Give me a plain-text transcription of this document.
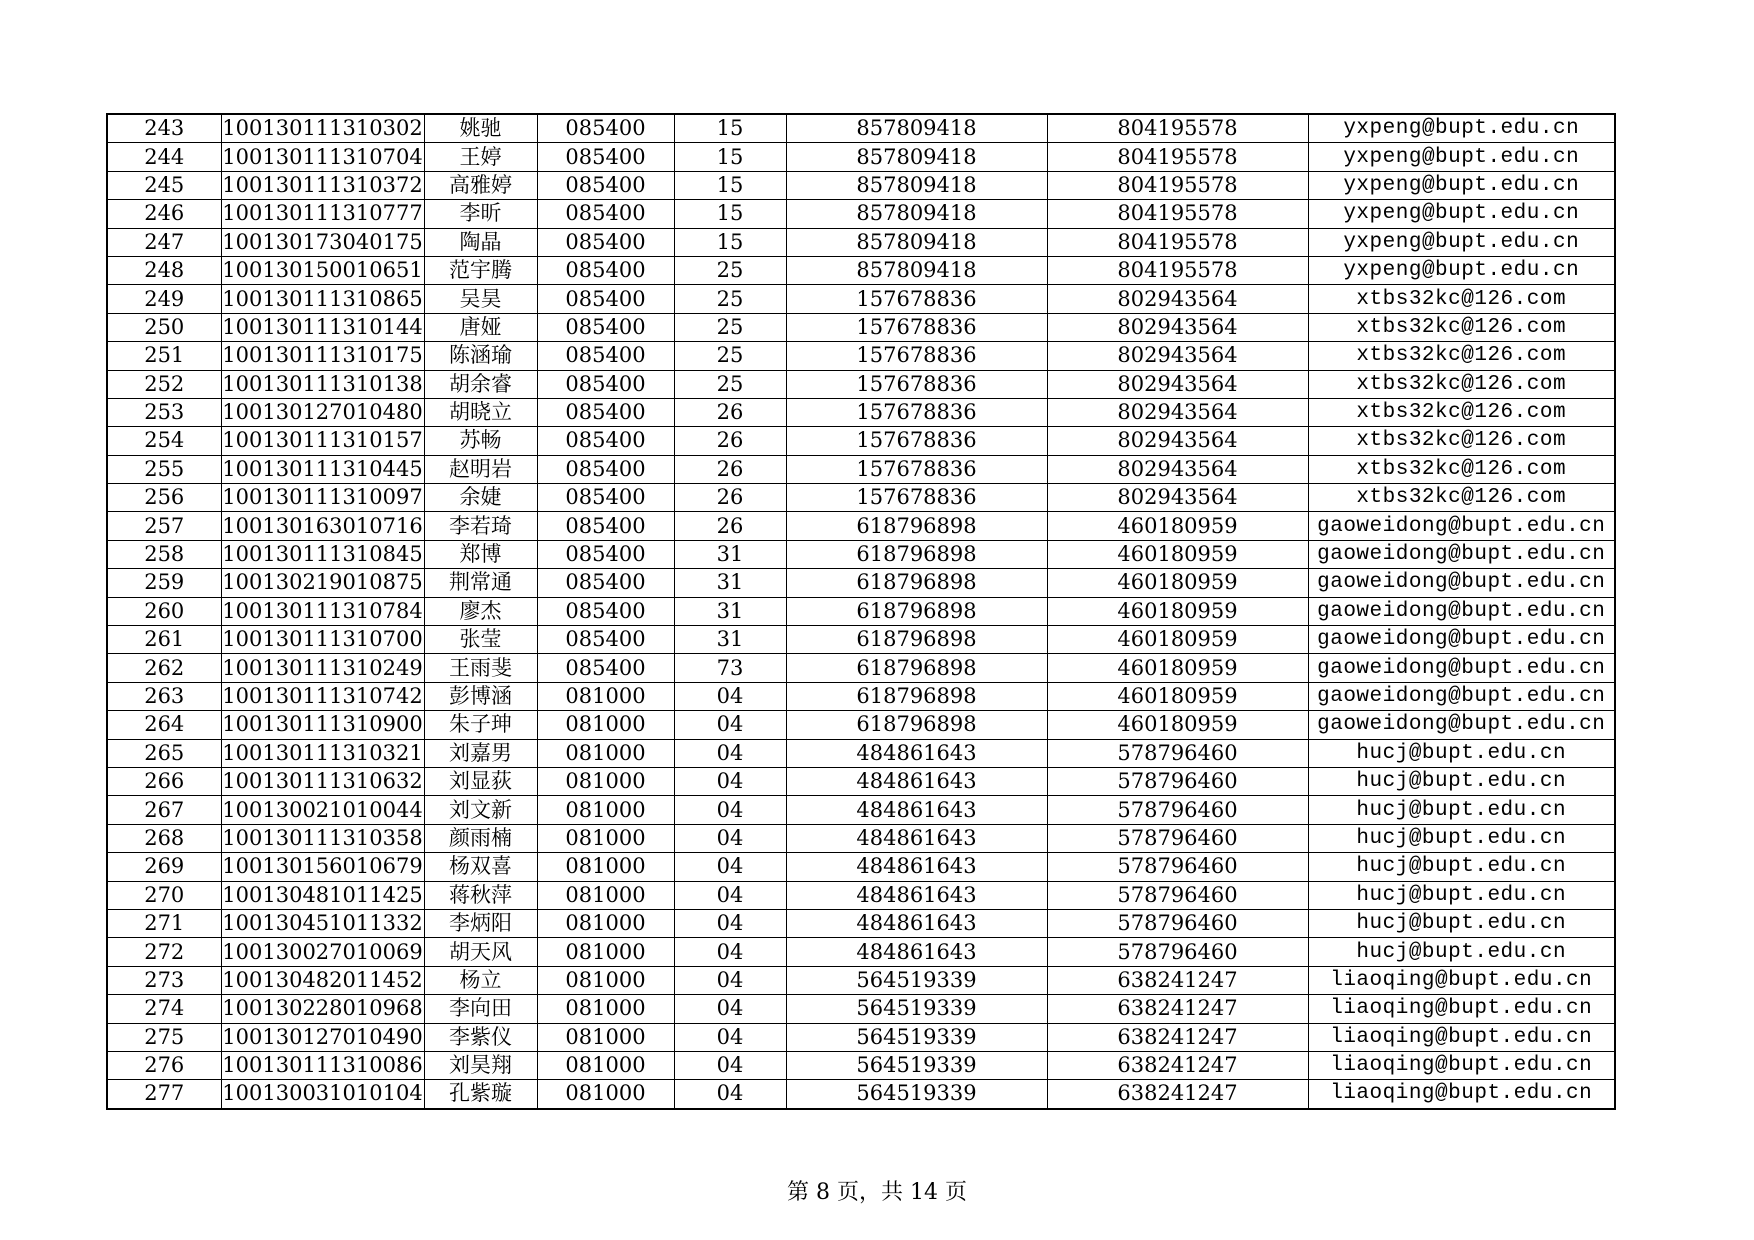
243	100130111310302	姚驰	085400	15	857809418	804195578	yxpeng@bupt.edu.cn
244	100130111310704	王婷	085400	15	857809418	804195578	yxpeng@bupt.edu.cn
245	100130111310372	高雅婷	085400	15	857809418	804195578	yxpeng@bupt.edu.cn
246	100130111310777	李昕	085400	15	857809418	804195578	yxpeng@bupt.edu.cn
247	100130173040175	陶晶	085400	15	857809418	804195578	yxpeng@bupt.edu.cn
248	100130150010651	范宇腾	085400	25	857809418	804195578	yxpeng@bupt.edu.cn
249	100130111310865	吴昊	085400	25	157678836	802943564	xtbs32kc@126.com
250	100130111310144	唐娅	085400	25	157678836	802943564	xtbs32kc@126.com
251	100130111310175	陈涵瑜	085400	25	157678836	802943564	xtbs32kc@126.com
252	100130111310138	胡余睿	085400	25	157678836	802943564	xtbs32kc@126.com
253	100130127010480	胡晓立	085400	26	157678836	802943564	xtbs32kc@126.com
254	100130111310157	苏畅	085400	26	157678836	802943564	xtbs32kc@126.com
255	100130111310445	赵明岩	085400	26	157678836	802943564	xtbs32kc@126.com
256	100130111310097	余婕	085400	26	157678836	802943564	xtbs32kc@126.com
257	100130163010716	李若琦	085400	26	618796898	460180959	gaoweidong@bupt.edu.cn
258	100130111310845	郑博	085400	31	618796898	460180959	gaoweidong@bupt.edu.cn
259	100130219010875	荆常通	085400	31	618796898	460180959	gaoweidong@bupt.edu.cn
260	100130111310784	廖杰	085400	31	618796898	460180959	gaoweidong@bupt.edu.cn
261	100130111310700	张莹	085400	31	618796898	460180959	gaoweidong@bupt.edu.cn
262	100130111310249	王雨斐	085400	73	618796898	460180959	gaoweidong@bupt.edu.cn
263	100130111310742	彭博涵	081000	04	618796898	460180959	gaoweidong@bupt.edu.cn
264	100130111310900	朱子珅	081000	04	618796898	460180959	gaoweidong@bupt.edu.cn
265	100130111310321	刘嘉男	081000	04	484861643	578796460	hucj@bupt.edu.cn
266	100130111310632	刘显荻	081000	04	484861643	578796460	hucj@bupt.edu.cn
267	100130021010044	刘文新	081000	04	484861643	578796460	hucj@bupt.edu.cn
268	100130111310358	颜雨楠	081000	04	484861643	578796460	hucj@bupt.edu.cn
269	100130156010679	杨双喜	081000	04	484861643	578796460	hucj@bupt.edu.cn
270	100130481011425	蒋秋萍	081000	04	484861643	578796460	hucj@bupt.edu.cn
271	100130451011332	李炳阳	081000	04	484861643	578796460	hucj@bupt.edu.cn
272	100130027010069	胡天风	081000	04	484861643	578796460	hucj@bupt.edu.cn
273	100130482011452	杨立	081000	04	564519339	638241247	liaoqing@bupt.edu.cn
274	100130228010968	李向田	081000	04	564519339	638241247	liaoqing@bupt.edu.cn
275	100130127010490	李紫仪	081000	04	564519339	638241247	liaoqing@bupt.edu.cn
276	100130111310086	刘昊翔	081000	04	564519339	638241247	liaoqing@bupt.edu.cn
277	100130031010104	孔紫璇	081000	04	564519339	638241247	liaoqing@bupt.edu.cn
第 8 页，共 14 页
